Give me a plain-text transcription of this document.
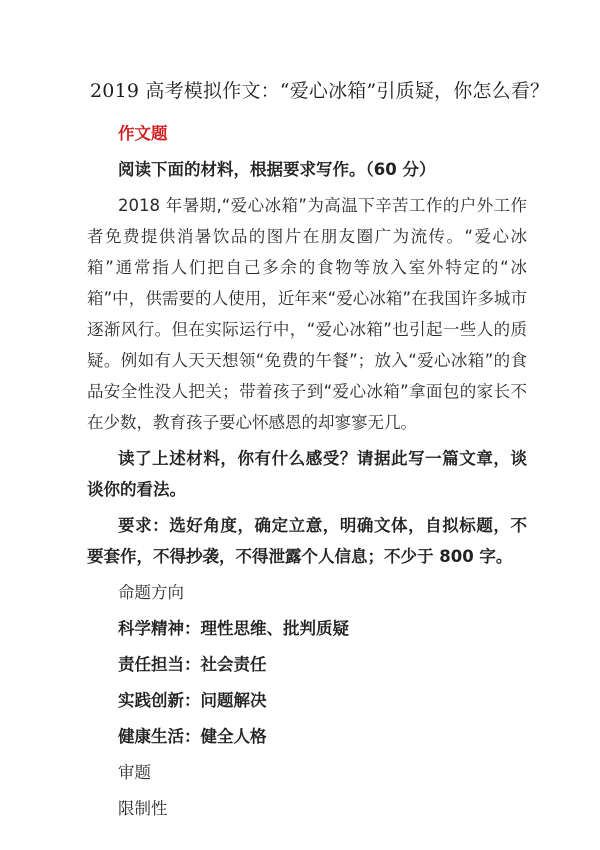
2019 高考模拟作文：“爱心冰箱”引质疑，你怎么看？

作文题

阅读下面的材料，根据要求写作。（60 分）

2018 年暑期,“爱心冰箱”为高温下辛苦工作的户外工作者免费提供消暑饮品的图片在朋友圈广为流传。“爱心冰箱”通常指人们把自己多余的食物等放入室外特定的“冰箱”中，供需要的人使用，近年来“爱心冰箱”在我国许多城市逐渐风行。但在实际运行中，“爱心冰箱”也引起一些人的质疑。例如有人天天想领“免费的午餐”；放入“爱心冰箱”的食品安全性没人把关；带着孩子到“爱心冰箱”拿面包的家长不在少数，教育孩子要心怀感恩的却寥寥无几。

读了上述材料，你有什么感受？请据此写一篇文章，谈谈你的看法。

要求：选好角度，确定立意，明确文体，自拟标题，不要套作，不得抄袭，不得泄露个人信息；不少于 800 字。

命题方向

科学精神：理性思维、批判质疑

责任担当：社会责任

实践创新：问题解决

健康生活：健全人格

审题

限制性
